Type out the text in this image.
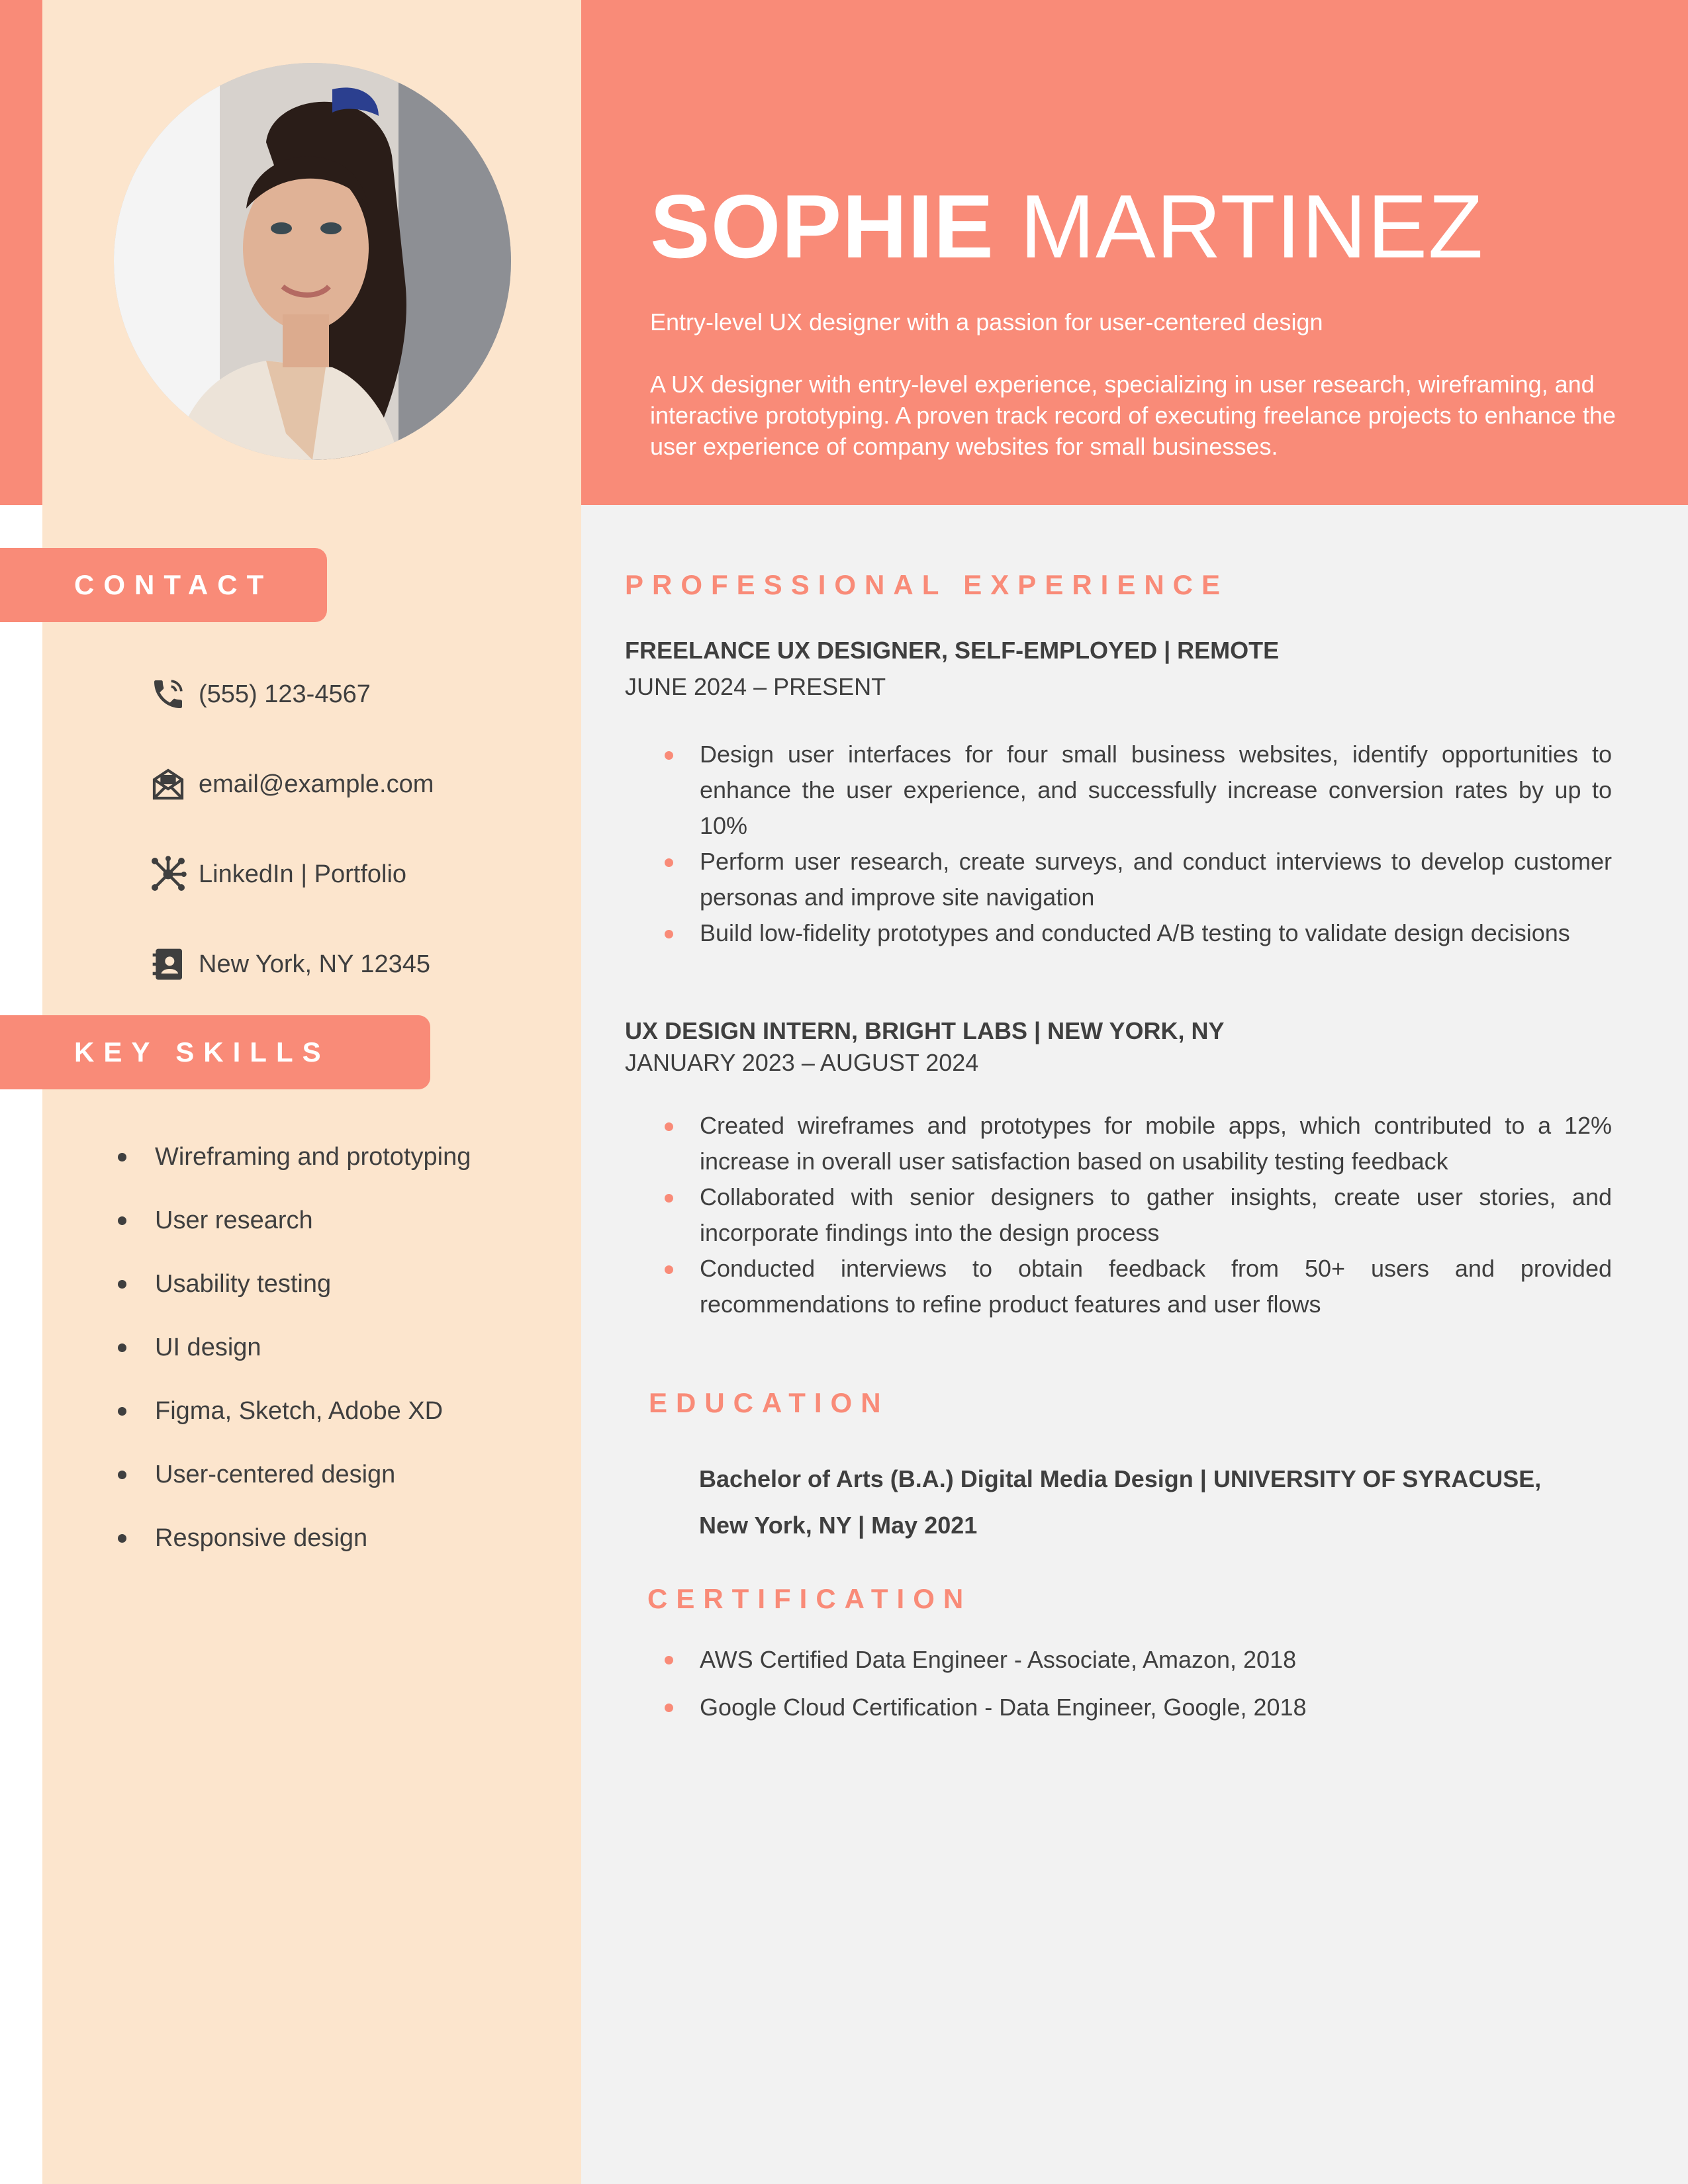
SOPHIE MARTINEZ
Entry-level UX designer with a passion for user-centered design
A UX designer with entry-level experience, specializing in user research, wireframing, and interactive prototyping. A proven track record of executing freelance projects to enhance the user experience of company websites for small businesses.
CONTACT
(555) 123-4567
email@example.com
LinkedIn | Portfolio
New York, NY 12345
KEY SKILLS
Wireframing and prototyping
User research
Usability testing
UI design
Figma, Sketch, Adobe XD
User-centered design
Responsive design
PROFESSIONAL EXPERIENCE
FREELANCE UX DESIGNER, SELF-EMPLOYED | REMOTE
JUNE 2024 – PRESENT
Design user interfaces for four small business websites, identify opportunities to enhance the user experience, and successfully increase conversion rates by up to 10%
Perform user research, create surveys, and conduct interviews to develop customer personas and improve site navigation
Build low-fidelity prototypes and conducted A/B testing to validate design decisions
UX DESIGN INTERN, BRIGHT LABS | NEW YORK, NY
JANUARY 2023 – AUGUST 2024
Created wireframes and prototypes for mobile apps, which contributed to a 12% increase in overall user satisfaction based on usability testing feedback
Collaborated with senior designers to gather insights, create user stories, and incorporate findings into the design process
Conducted interviews to obtain feedback from 50+ users and provided recommendations to refine product features and user flows
EDUCATION
Bachelor of Arts (B.A.) Digital Media Design | UNIVERSITY OF SYRACUSE,
New York, NY | May 2021
CERTIFICATION
AWS Certified Data Engineer - Associate, Amazon, 2018
Google Cloud Certification - Data Engineer, Google, 2018
